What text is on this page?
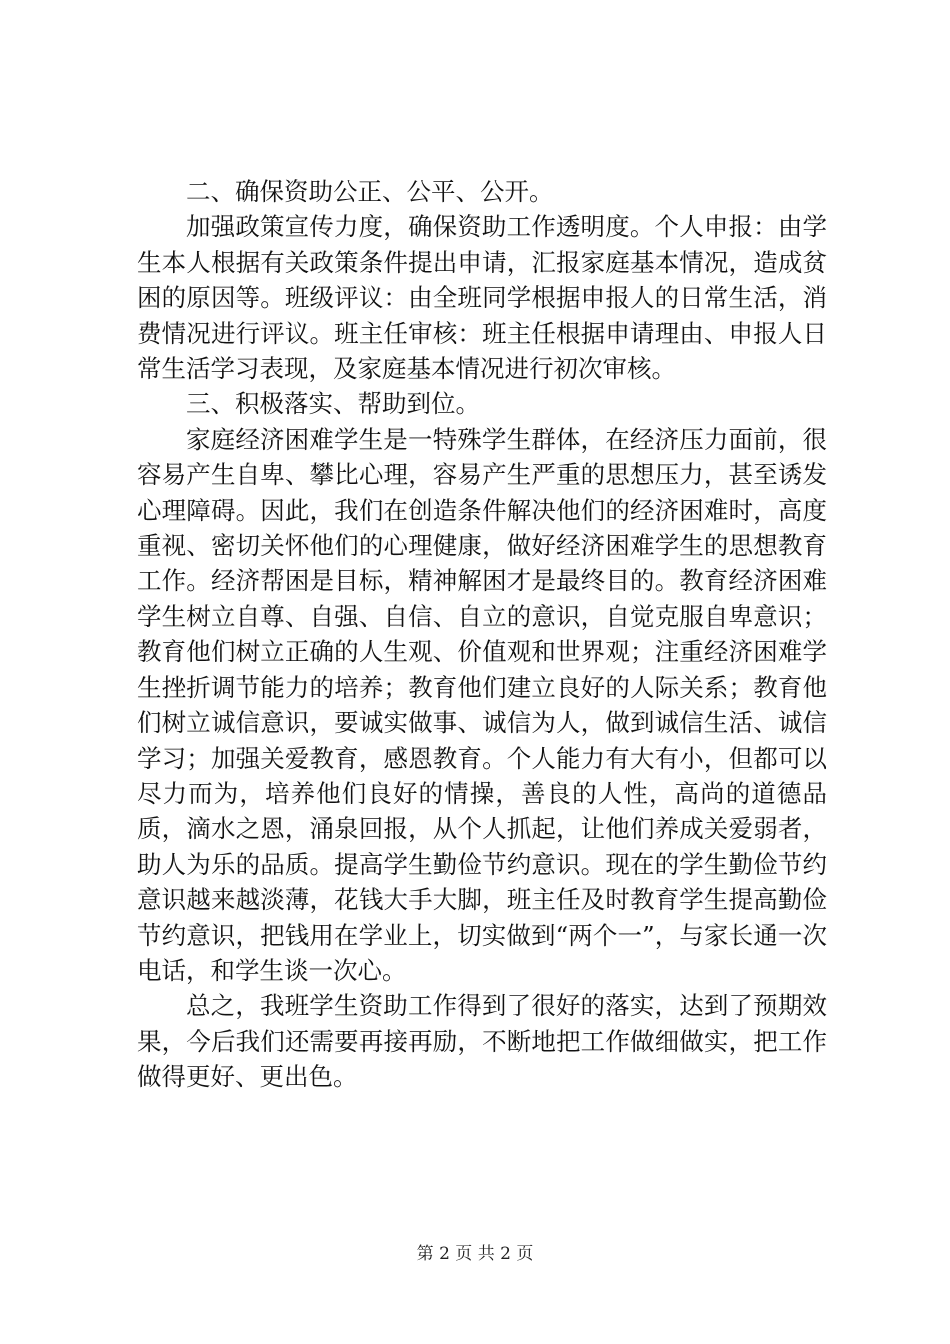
二、确保资助公正、公平、公开。

加强政策宣传力度，确保资助工作透明度。个人申报：由学生本人根据有关政策条件提出申请，汇报家庭基本情况，造成贫困的原因等。班级评议：由全班同学根据申报人的日常生活，消费情况进行评议。班主任审核：班主任根据申请理由、申报人日常生活学习表现，及家庭基本情况进行初次审核。

三、积极落实、帮助到位。

家庭经济困难学生是一特殊学生群体，在经济压力面前，很容易产生自卑、攀比心理，容易产生严重的思想压力，甚至诱发心理障碍。因此，我们在创造条件解决他们的经济困难时，高度重视、密切关怀他们的心理健康，做好经济困难学生的思想教育工作。经济帮困是目标，精神解困才是最终目的。教育经济困难学生树立自尊、自强、自信、自立的意识，自觉克服自卑意识；教育他们树立正确的人生观、价值观和世界观；注重经济困难学生挫折调节能力的培养；教育他们建立良好的人际关系；教育他们树立诚信意识，要诚实做事、诚信为人，做到诚信生活、诚信学习；加强关爱教育，感恩教育。个人能力有大有小，但都可以尽力而为，培养他们良好的情操，善良的人性，高尚的道德品质，滴水之恩，涌泉回报，从个人抓起，让他们养成关爱弱者，助人为乐的品质。提高学生勤俭节约意识。现在的学生勤俭节约意识越来越淡薄，花钱大手大脚，班主任及时教育学生提高勤俭节约意识，把钱用在学业上，切实做到“两个一”，与家长通一次电话，和学生谈一次心。

总之，我班学生资助工作得到了很好的落实，达到了预期效果，今后我们还需要再接再励，不断地把工作做细做实，把工作做得更好、更出色。

第 2 页 共 2 页
